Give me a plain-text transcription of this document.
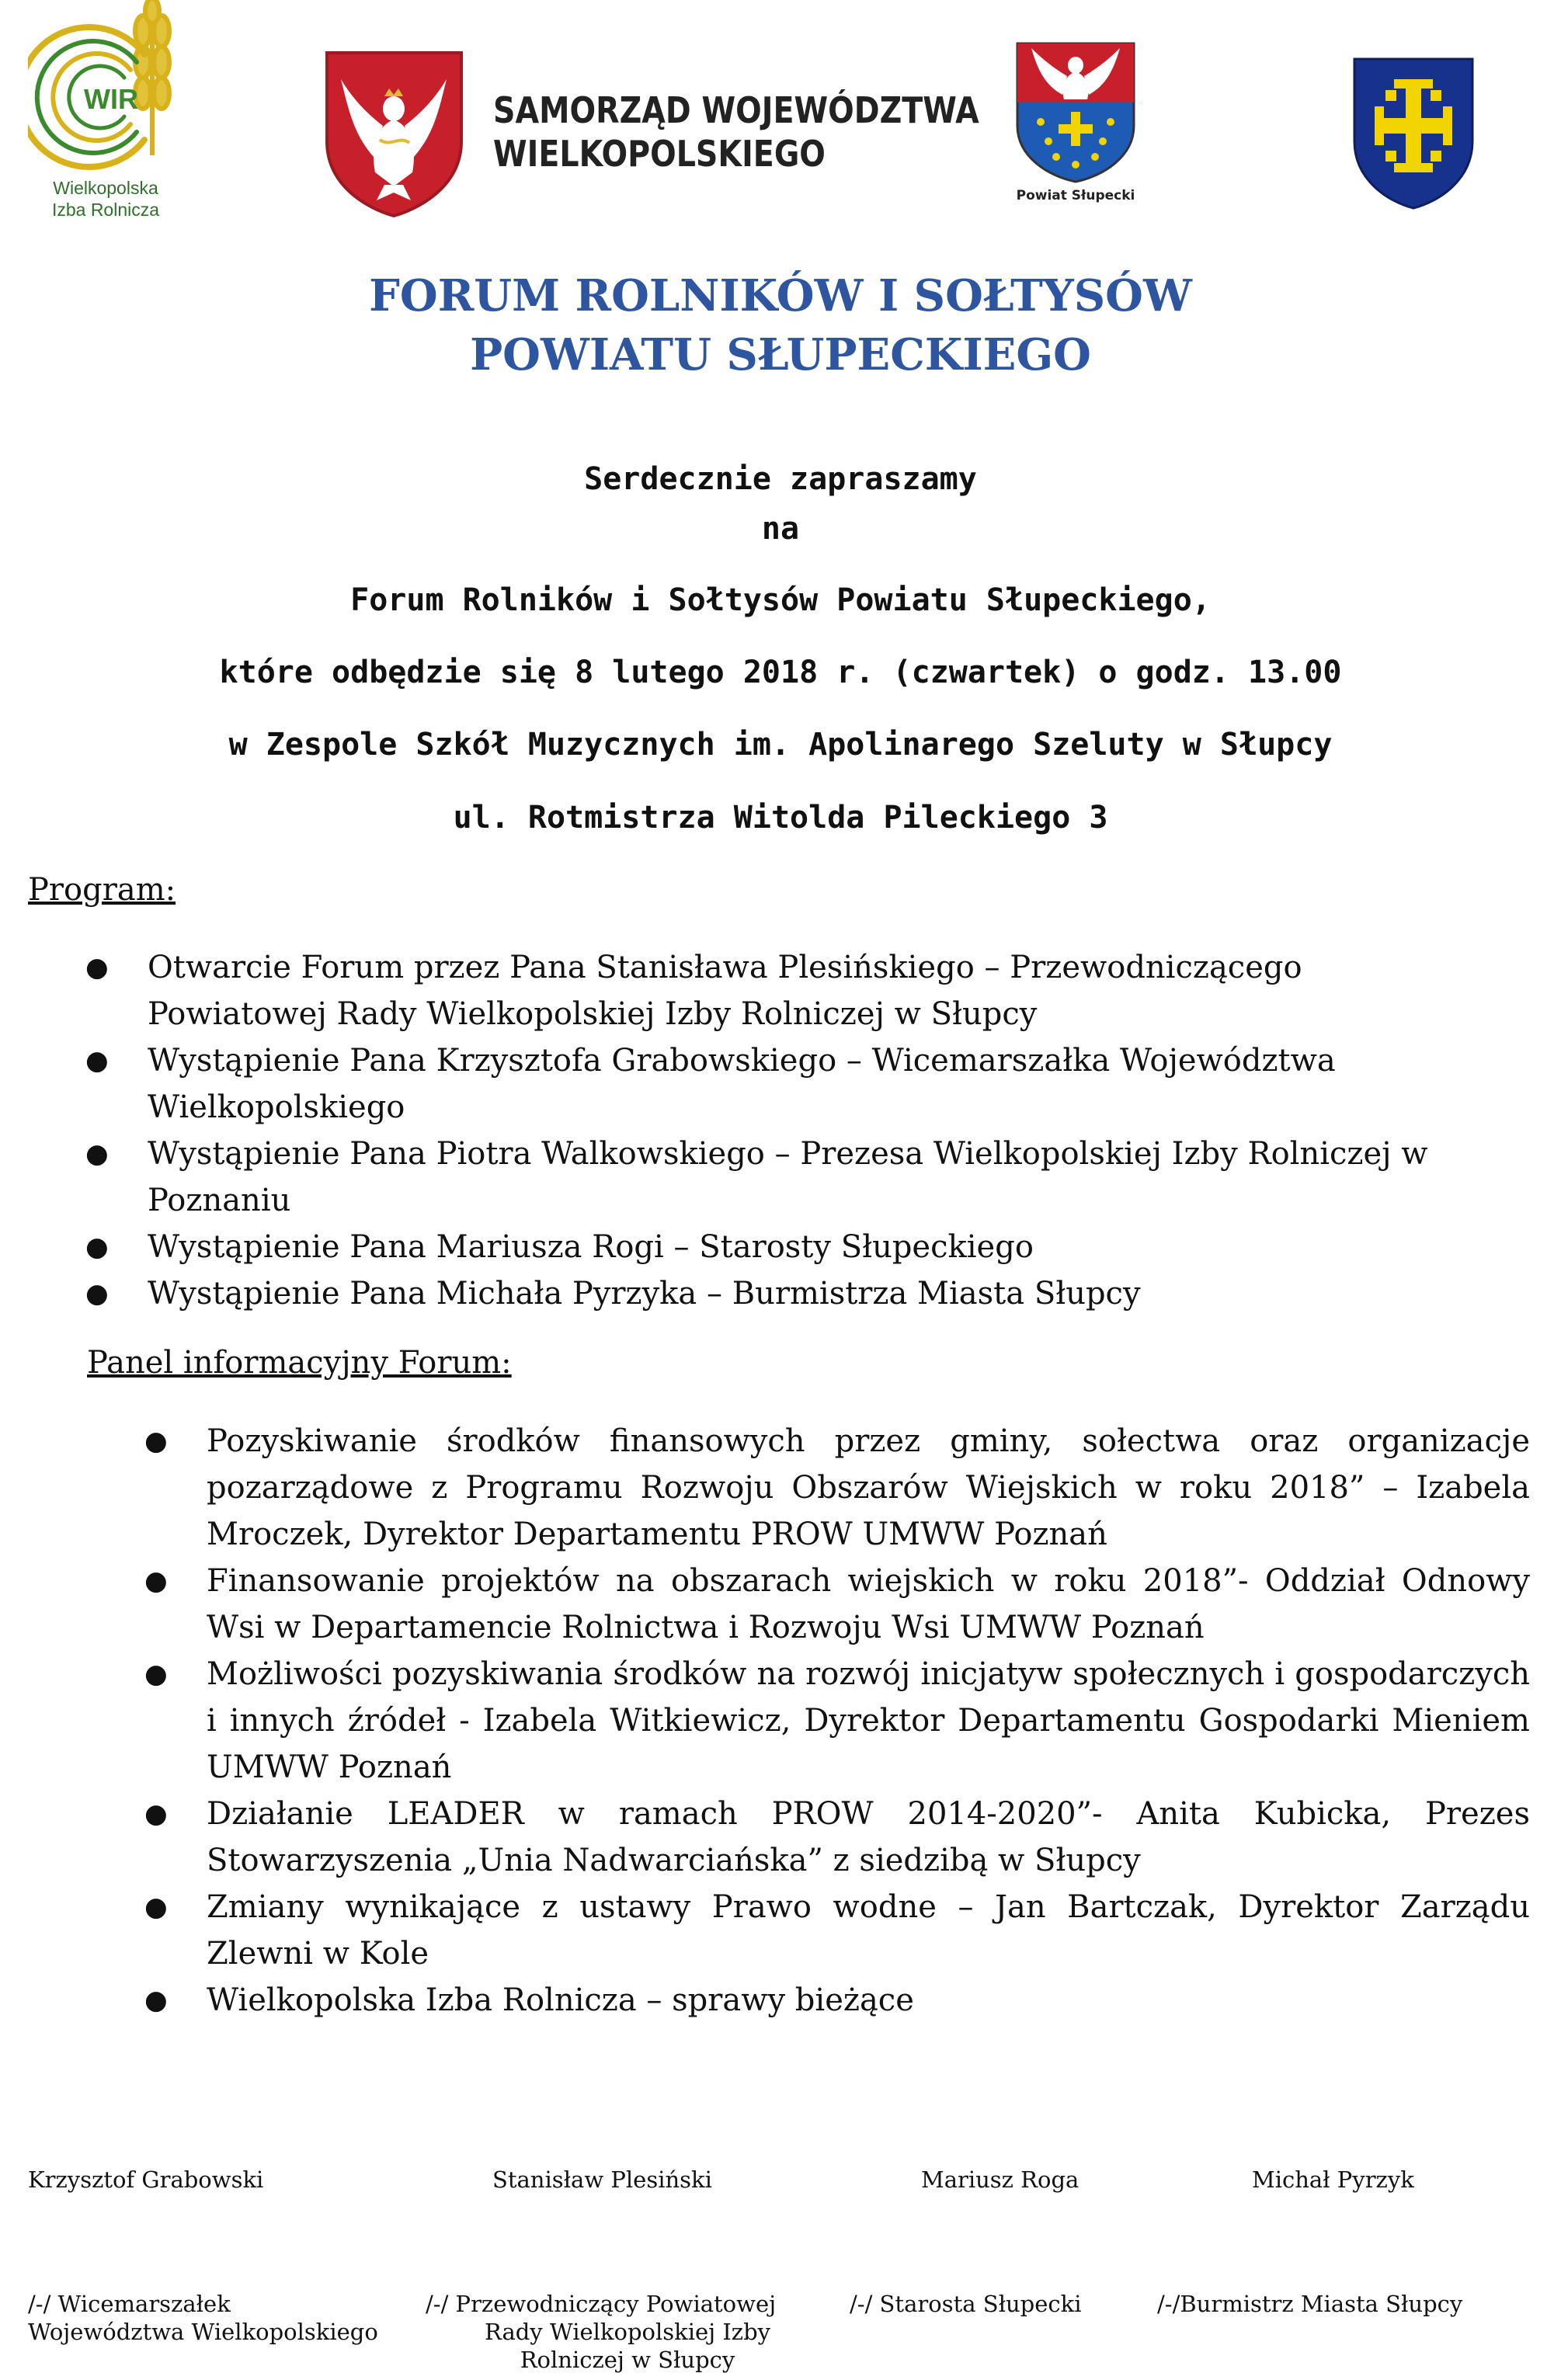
WIR
Wielkopolska
Izba Rolnicza
SAMORZĄD WOJEWÓDZTWA
WIELKOPOLSKIEGO
Powiat Słupecki
FORUM ROLNIKÓW I SOŁTYSÓW
POWIATU SŁUPECKIEGO
Serdecznie zapraszamy
na
Forum Rolników i Sołtysów Powiatu Słupeckiego,
które odbędzie się 8 lutego 2018 r. (czwartek) o godz. 13.00
w Zespole Szkół Muzycznych im. Apolinarego Szeluty w Słupcy
ul. Rotmistrza Witolda Pileckiego 3
Program:
● Otwarcie Forum przez Pana Stanisława Plesińskiego – Przewodniczącego Powiatowej Rady Wielkopolskiej Izby Rolniczej w Słupcy
● Wystąpienie Pana Krzysztofa Grabowskiego – Wicemarszałka Województwa Wielkopolskiego
● Wystąpienie Pana Piotra Walkowskiego – Prezesa Wielkopolskiej Izby Rolniczej w Poznaniu
● Wystąpienie Pana Mariusza Rogi – Starosty Słupeckiego
● Wystąpienie Pana Michała Pyrzyka – Burmistrza Miasta Słupcy
Panel informacyjny Forum:
● Pozyskiwanie środków finansowych przez gminy, sołectwa oraz organizacje pozarządowe z Programu Rozwoju Obszarów Wiejskich w roku 2018” – Izabela Mroczek, Dyrektor Departamentu PROW UMWW Poznań
● Finansowanie projektów na obszarach wiejskich w roku 2018”- Oddział Odnowy Wsi w Departamencie Rolnictwa i Rozwoju Wsi UMWW Poznań
● Możliwości pozyskiwania środków na rozwój inicjatyw społecznych i gospodarczych i innych źródeł - Izabela Witkiewicz, Dyrektor Departamentu Gospodarki Mieniem UMWW Poznań
● Działanie LEADER w ramach PROW 2014-2020”- Anita Kubicka, Prezes Stowarzyszenia „Unia Nadwarciańska” z siedzibą w Słupcy
● Zmiany wynikające z ustawy Prawo wodne – Jan Bartczak, Dyrektor Zarządu Zlewni w Kole
● Wielkopolska Izba Rolnicza – sprawy bieżące
Krzysztof Grabowski	Stanisław Plesiński	Mariusz Roga	Michał Pyrzyk
/-/ Wicemarszałek
Województwa Wielkopolskiego
/-/ Przewodniczący Powiatowej
Rady Wielkopolskiej Izby
Rolniczej w Słupcy
/-/ Starosta Słupecki	/-/Burmistrz Miasta Słupcy
